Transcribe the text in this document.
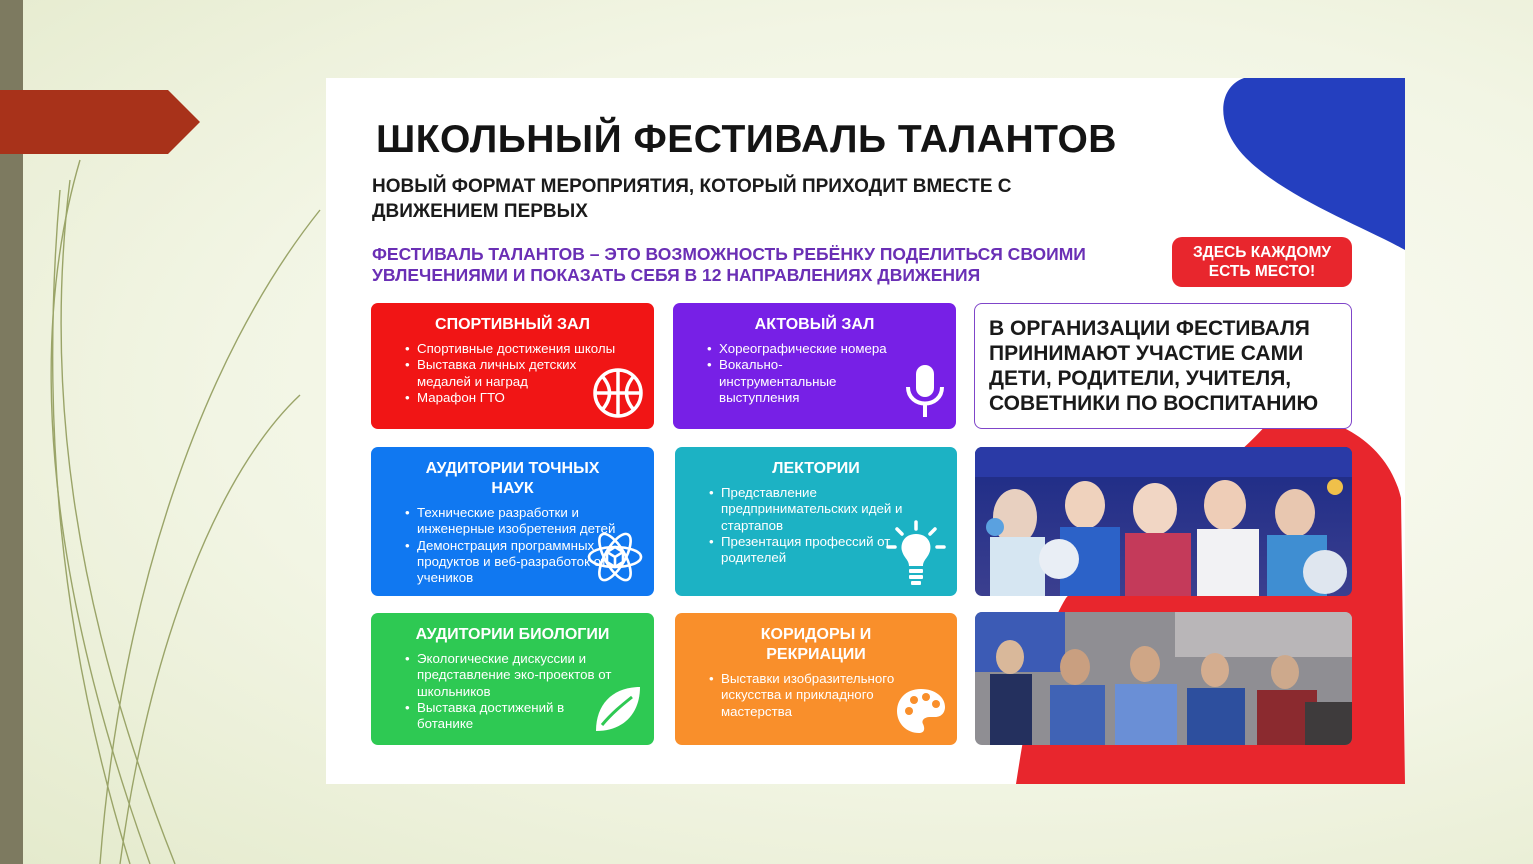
ШКОЛЬНЫЙ ФЕСТИВАЛЬ ТАЛАНТОВ

НОВЫЙ ФОРМАТ МЕРОПРИЯТИЯ, КОТОРЫЙ ПРИХОДИТ ВМЕСТЕ С ДВИЖЕНИЕМ ПЕРВЫХ

ФЕСТИВАЛЬ ТАЛАНТОВ – ЭТО ВОЗМОЖНОСТЬ РЕБЁНКУ ПОДЕЛИТЬСЯ СВОИМИ УВЛЕЧЕНИЯМИ И ПОКАЗАТЬ СЕБЯ В 12 НАПРАВЛЕНИЯХ ДВИЖЕНИЯ

ЗДЕСЬ КАЖДОМУ ЕСТЬ МЕСТО!
СПОРТИВНЫЙ ЗАЛ
• Спортивные достижения школы
• Выставка личных детских медалей и наград
• Марафон ГТО
АКТОВЫЙ ЗАЛ
• Хореографические номера
• Вокально-инструментальные выступления
В ОРГАНИЗАЦИИ ФЕСТИВАЛЯ ПРИНИМАЮТ УЧАСТИЕ САМИ ДЕТИ, РОДИТЕЛИ, УЧИТЕЛЯ, СОВЕТНИКИ ПО ВОСПИТАНИЮ
АУДИТОРИИ ТОЧНЫХ НАУК
• Технические разработки и инженерные изобретения детей
• Демонстрация программных продуктов и веб-разработок от учеников
ЛЕКТОРИИ
• Представление предпринимательских идей и стартапов
• Презентация профессий от родителей
АУДИТОРИИ БИОЛОГИИ
• Экологические дискуссии и представление эко-проектов от школьников
• Выставка достижений в ботанике
КОРИДОРЫ И РЕКРИАЦИИ
• Выставки изобразительного искусства и прикладного мастерства
